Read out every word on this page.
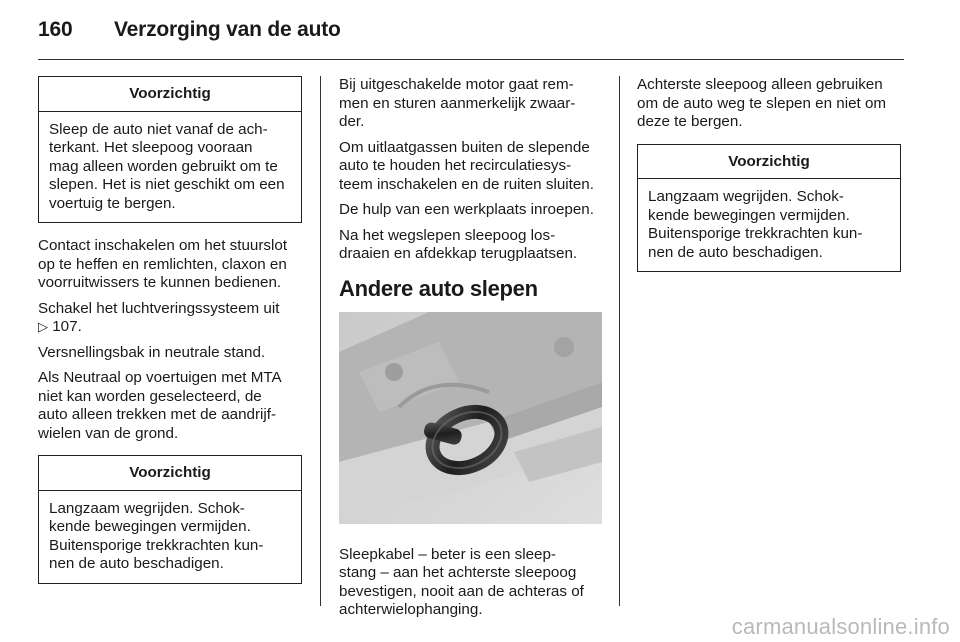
160 Verzorging van de auto
Voorzichtig
Sleep de auto niet vanaf de ach-
terkant. Het sleepoog vooraan
mag alleen worden gebruikt om te
slepen. Het is niet geschikt om een
voertuig te bergen.

Contact inschakelen om het stuurslot
op te heffen en remlichten, claxon en
voorruitwissers te kunnen bedienen.

Schakel het luchtveringssysteem uit
▷ 107.

Versnellingsbak in neutrale stand.

Als Neutraal op voertuigen met MTA
niet kan worden geselecteerd, de
auto alleen trekken met de aandrijf-
wielen van de grond.

Voorzichtig
Langzaam wegrijden. Schok-
kende bewegingen vermijden.
Buitensporige trekkrachten kun-
nen de auto beschadigen.

Bij uitgeschakelde motor gaat rem-
men en sturen aanmerkelijk zwaar-
der.

Om uitlaatgassen buiten de slepende
auto te houden het recirculatiesys-
teem inschakelen en de ruiten sluiten.

De hulp van een werkplaats inroepen.

Na het wegslepen sleepoog los-
draaien en afdekkap terugplaatsen.

Andere auto slepen

Sleepkabel – beter is een sleep-
stang – aan het achterste sleepoog
bevestigen, nooit aan de achteras of
achterwielophanging.

Achterste sleepoog alleen gebruiken
om de auto weg te slepen en niet om
deze te bergen.

Voorzichtig
Langzaam wegrijden. Schok-
kende bewegingen vermijden.
Buitensporige trekkrachten kun-
nen de auto beschadigen.
carmanualsonline.info
